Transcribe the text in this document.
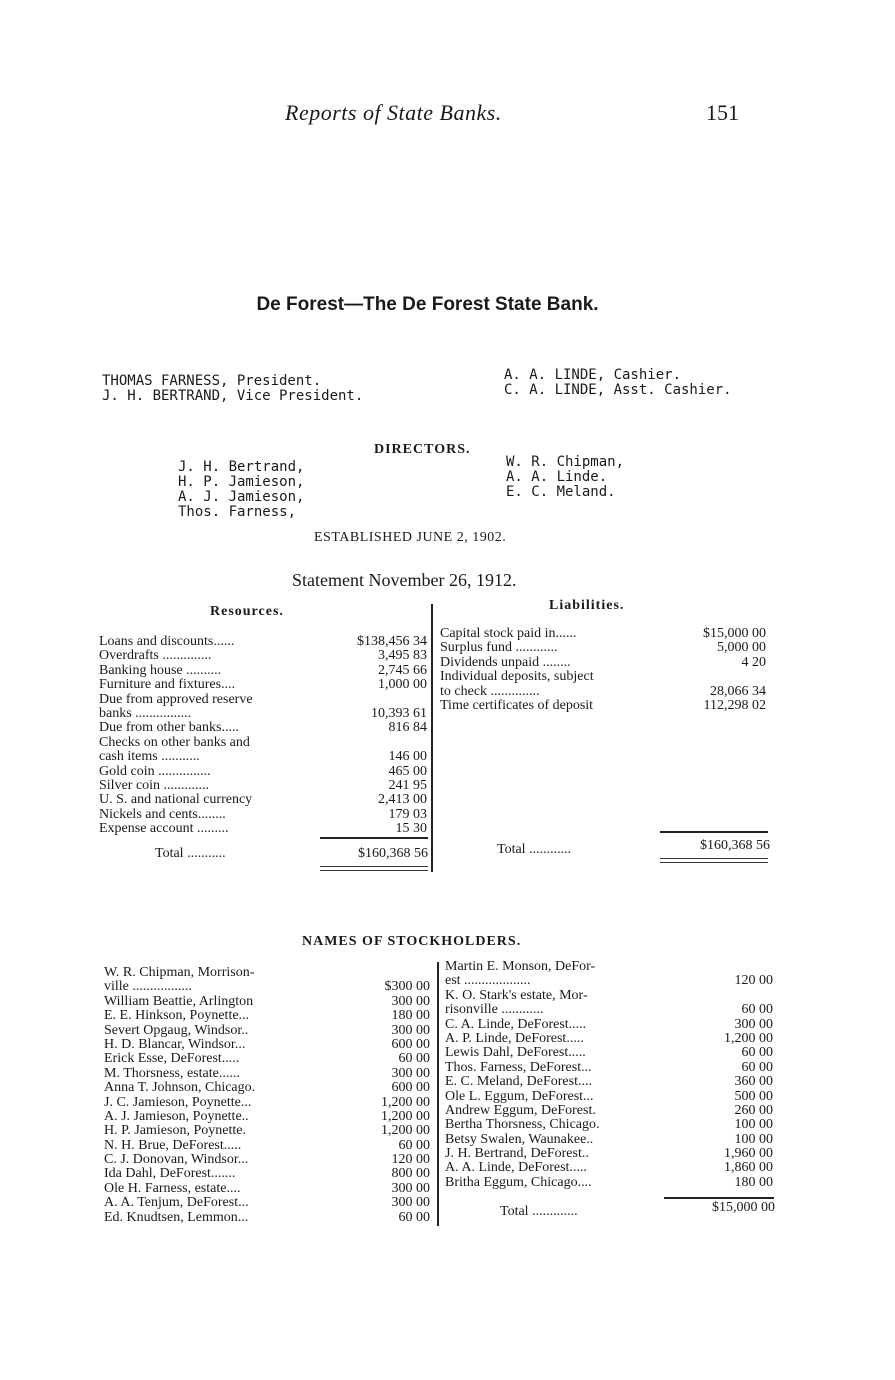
Reports of State Banks.	151
De Forest—The De Forest State Bank.
THOMAS FARNESS, President.
J. H. BERTRAND, Vice President.
A. A. LINDE, Cashier.
C. A. LINDE, Asst. Cashier.
DIRECTORS.
J. H. Bertrand,
H. P. Jamieson,
A. J. Jamieson,
Thos. Farness,
W. R. Chipman,
A. A. Linde.
E. C. Meland.
ESTABLISHED JUNE 2, 1902.
Statement November 26, 1912.
Resources.	Liabilities.
Loans and discounts......	$138,456 34
Overdrafts ..............	3,495 83
Banking house ..........	2,745 66
Furniture and fixtures....	1,000 00
Due from approved reserve
banks ................	10,393 61
Due from other banks.....	816 84
Checks on other banks and
cash items ...........	146 00
Gold coin ...............	465 00
Silver coin .............	241 95
U. S. and national currency	2,413 00
Nickels and cents........	179 03
Expense account .........	15 30
Capital stock paid in......	$15,000 00
Surplus fund ............	5,000 00
Dividends unpaid ........	4 20
Individual deposits, subject
to check ..............	28,066 34
Time certificates of deposit	112,298 02
Total ...........	$160,368 56	Total ............	$160,368 56
NAMES OF STOCKHOLDERS.
W. R. Chipman, Morrison-
ville .................	$300 00
William Beattie, Arlington	300 00
E. E. Hinkson, Poynette...	180 00
Severt Opgaug, Windsor..	300 00
H. D. Blancar, Windsor...	600 00
Erick Esse, DeForest.....	60 00
M. Thorsness, estate......	300 00
Anna T. Johnson, Chicago.	600 00
J. C. Jamieson, Poynette...	1,200 00
A. J. Jamieson, Poynette..	1,200 00
H. P. Jamieson, Poynette.	1,200 00
N. H. Brue, DeForest.....	60 00
C. J. Donovan, Windsor...	120 00
Ida Dahl, DeForest.......	800 00
Ole H. Farness, estate....	300 00
A. A. Tenjum, DeForest...	300 00
Ed. Knudtsen, Lemmon...	60 00
Martin E. Monson, DeFor-
est ...................	120 00
K. O. Stark's estate, Mor-
risonville ............	60 00
C. A. Linde, DeForest.....	300 00
A. P. Linde, DeForest.....	1,200 00
Lewis Dahl, DeForest.....	60 00
Thos. Farness, DeForest...	60 00
E. C. Meland, DeForest....	360 00
Ole L. Eggum, DeForest...	500 00
Andrew Eggum, DeForest.	260 00
Bertha Thorsness, Chicago.	100 00
Betsy Swalen, Waunakee..	100 00
J. H. Bertrand, DeForest..	1,960 00
A. A. Linde, DeForest.....	1,860 00
Britha Eggum, Chicago....	180 00
Total .............	$15,000 00
